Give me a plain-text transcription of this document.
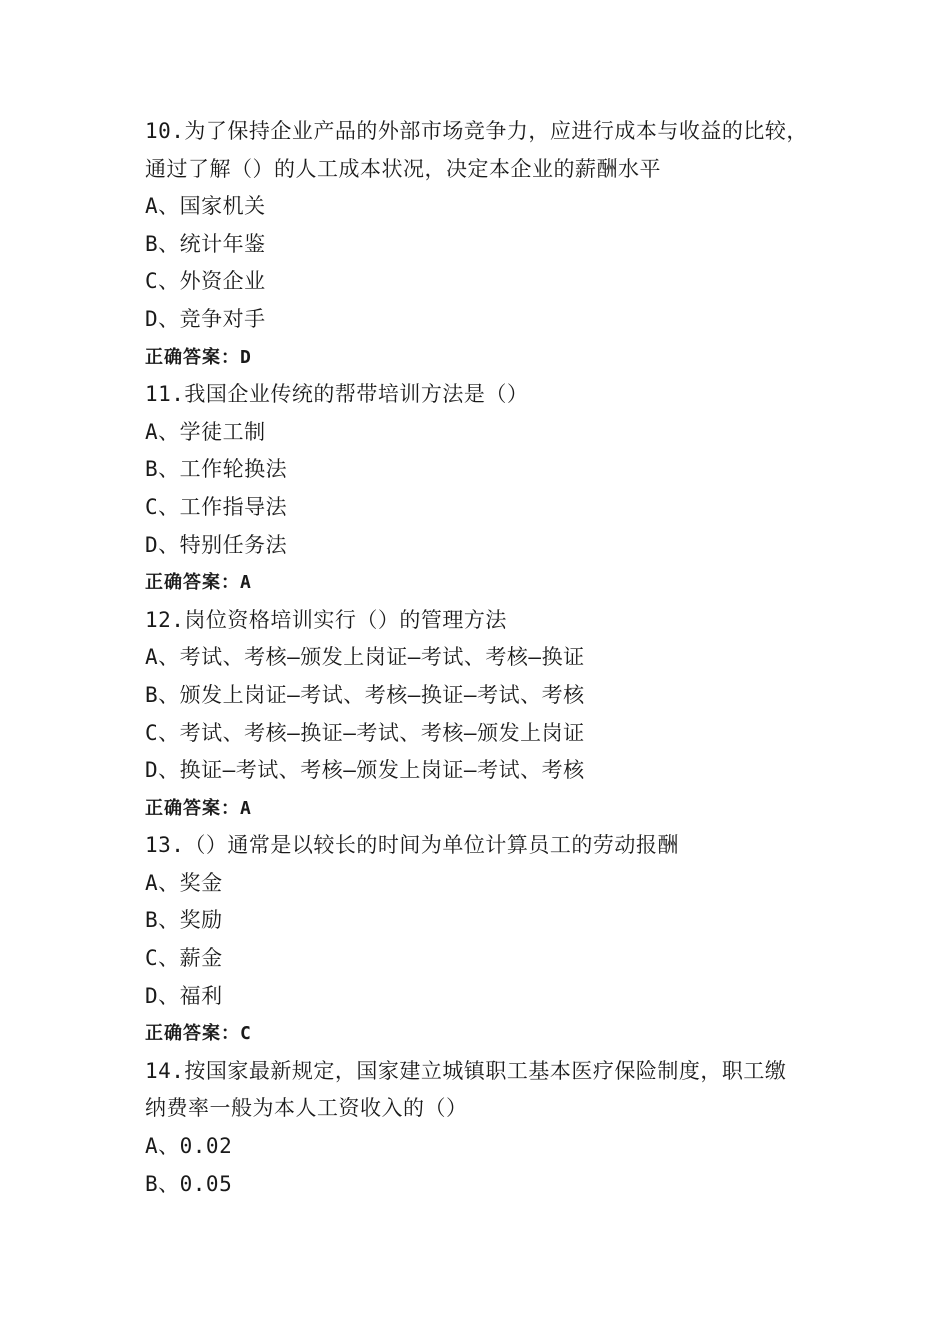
10.为了保持企业产品的外部市场竞争力，应进行成本与收益的比较，
通过了解（）的人工成本状况，决定本企业的薪酬水平
A、国家机关
B、统计年鉴
C、外资企业
D、竞争对手
正确答案：D
11.我国企业传统的帮带培训方法是（）
A、学徒工制
B、工作轮换法
C、工作指导法
D、特别任务法
正确答案：A
12.岗位资格培训实行（）的管理方法
A、考试、考核—颁发上岗证—考试、考核—换证
B、颁发上岗证—考试、考核—换证—考试、考核
C、考试、考核—换证—考试、考核—颁发上岗证
D、换证—考试、考核—颁发上岗证—考试、考核
正确答案：A
13.（）通常是以较长的时间为单位计算员工的劳动报酬
A、奖金
B、奖励
C、薪金
D、福利
正确答案：C
14.按国家最新规定，国家建立城镇职工基本医疗保险制度，职工缴
纳费率一般为本人工资收入的（）
A、0.02
B、0.05
